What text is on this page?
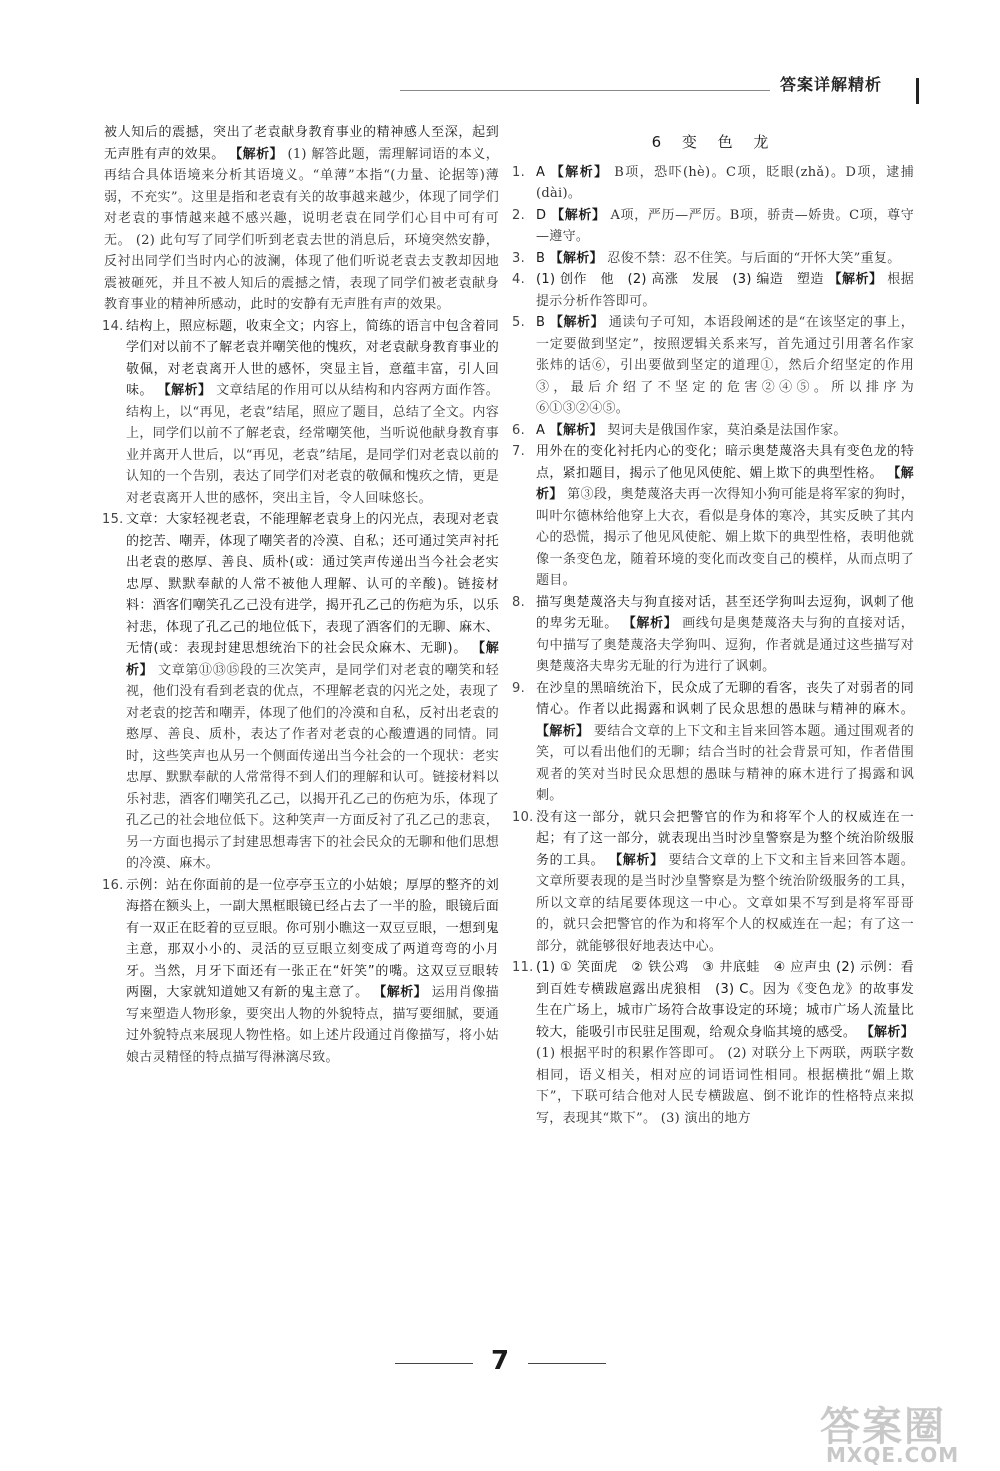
答案详解精析

被人知后的震撼，突出了老袁献身教育事业的精神感人至深，起到无声胜有声的效果。 【解析】 (1) 解答此题，需理解词语的本义，再结合具体语境来分析其语境义。“单薄”本指“(力量、论据等)薄弱，不充实”。这里是指和老袁有关的故事越来越少，体现了同学们对老袁的事情越来越不感兴趣，说明老袁在同学们心目中可有可无。 (2) 此句写了同学们听到老袁去世的消息后，环境突然安静，反衬出同学们当时内心的波澜，体现了他们听说老袁去支教却因地震被砸死，并且不被人知后的震撼之情，表现了同学们被老袁献身教育事业的精神所感动，此时的安静有无声胜有声的效果。

14. 结构上，照应标题，收束全文；内容上，简练的语言中包含着同学们对以前不了解老袁并嘲笑他的愧疚，对老袁献身教育事业的敬佩，对老袁离开人世的感怀，突显主旨，意蕴丰富，引人回味。 【解析】 文章结尾的作用可以从结构和内容两方面作答。结构上，以“再见，老袁”结尾，照应了题目，总结了全文。内容上，同学们以前不了解老袁，经常嘲笑他，当听说他献身教育事业并离开人世后，以“再见，老袁”结尾，是同学们对老袁以前的认知的一个告别，表达了同学们对老袁的敬佩和愧疚之情，更是对老袁离开人世的感怀，突出主旨，令人回味悠长。

15. 文章：大家轻视老袁，不能理解老袁身上的闪光点，表现对老袁的挖苦、嘲弄，体现了嘲笑者的冷漠、自私；还可通过笑声衬托出老袁的憨厚、善良、质朴(或：通过笑声传递出当今社会老实忠厚、默默奉献的人常不被他人理解、认可的辛酸)。链接材料：酒客们嘲笑孔乙己没有进学，揭开孔乙己的伤疤为乐，以乐衬悲，体现了孔乙己的地位低下，表现了酒客们的无聊、麻木、无情(或：表现封建思想统治下的社会民众麻木、无聊)。 【解析】 文章第⑪⑬⑮段的三次笑声，是同学们对老袁的嘲笑和轻视，他们没有看到老袁的优点，不理解老袁的闪光之处，表现了对老袁的挖苦和嘲弄，体现了他们的冷漠和自私，反衬出老袁的憨厚、善良、质朴，表达了作者对老袁的心酸遭遇的同情。同时，这些笑声也从另一个侧面传递出当今社会的一个现状：老实忠厚、默默奉献的人常常得不到人们的理解和认可。链接材料以乐衬悲，酒客们嘲笑孔乙己，以揭开孔乙己的伤疤为乐，体现了孔乙己的社会地位低下。这种笑声一方面反衬了孔乙己的悲哀，另一方面也揭示了封建思想毒害下的社会民众的无聊和他们思想的冷漠、麻木。

16. 示例：站在你面前的是一位亭亭玉立的小姑娘；厚厚的整齐的刘海搭在额头上，一副大黑框眼镜已经占去了一半的脸，眼镜后面有一双正在眨着的豆豆眼。你可别小瞧这一双豆豆眼，一想到鬼主意，那双小小的、灵活的豆豆眼立刻变成了两道弯弯的小月牙。当然，月牙下面还有一张正在“奸笑”的嘴。这双豆豆眼转两圈，大家就知道她又有新的鬼主意了。 【解析】 运用肖像描写来塑造人物形象，要突出人物的外貌特点，描写要细腻，要通过外貌特点来展现人物性格。如上述片段通过肖像描写，将小姑娘古灵精怪的特点描写得淋漓尽致。

6 变 色 龙

1. A 【解析】 B项，恐吓(hè)。C项，眨眼(zhǎ)。D项，逮捕(dài)。

2. D 【解析】 A项，严历—严厉。B项，骄责—娇贵。C项，尊守—遵守。

3. B 【解析】 忍俊不禁：忍不住笑。与后面的“开怀大笑”重复。

4. (1) 创作　他　(2) 高涨　发展　(3) 编造　塑造 【解析】 根据提示分析作答即可。

5. B 【解析】 通读句子可知，本语段阐述的是“在该坚定的事上，一定要做到坚定”，按照逻辑关系来写，首先通过引用著名作家张炜的话⑥，引出要做到坚定的道理①，然后介绍坚定的作用③，最后介绍了不坚定的危害②④⑤。所以排序为⑥①③②④⑤。

6. A 【解析】 契诃夫是俄国作家，莫泊桑是法国作家。

7. 用外在的变化衬托内心的变化；暗示奥楚蔑洛夫具有变色龙的特点，紧扣题目，揭示了他见风使舵、媚上欺下的典型性格。 【解析】 第③段，奥楚蔑洛夫再一次得知小狗可能是将军家的狗时，叫叶尔德林给他穿上大衣，看似是身体的寒冷，其实反映了其内心的恐慌，揭示了他见风使舵、媚上欺下的典型性格，表明他就像一条变色龙，随着环境的变化而改变自己的模样，从而点明了题目。

8. 描写奥楚蔑洛夫与狗直接对话，甚至还学狗叫去逗狗，讽刺了他的卑劣无耻。 【解析】 画线句是奥楚蔑洛夫与狗的直接对话，句中描写了奥楚蔑洛夫学狗叫、逗狗，作者就是通过这些描写对奥楚蔑洛夫卑劣无耻的行为进行了讽刺。

9. 在沙皇的黑暗统治下，民众成了无聊的看客，丧失了对弱者的同情心。作者以此揭露和讽刺了民众思想的愚昧与精神的麻木。 【解析】 要结合文章的上下文和主旨来回答本题。通过围观者的笑，可以看出他们的无聊；结合当时的社会背景可知，作者借围观者的笑对当时民众思想的愚昧与精神的麻木进行了揭露和讽刺。

10. 没有这一部分，就只会把警官的作为和将军个人的权威连在一起；有了这一部分，就表现出当时沙皇警察是为整个统治阶级服务的工具。 【解析】 要结合文章的上下文和主旨来回答本题。文章所要表现的是当时沙皇警察是为整个统治阶级服务的工具，所以文章的结尾要体现这一中心。文章如果不写到是将军哥哥的，就只会把警官的作为和将军个人的权威连在一起；有了这一部分，就能够很好地表达中心。

11. (1) ① 笑面虎　② 铁公鸡　③ 井底蛙　④ 应声虫 (2) 示例：看到百姓专横跋扈露出虎狼相　(3) C。因为《变色龙》的故事发生在广场上，城市广场符合故事设定的环境；城市广场人流量比较大，能吸引市民驻足围观，给观众身临其境的感受。 【解析】 (1) 根据平时的积累作答即可。 (2) 对联分上下两联，两联字数相同，语义相关，相对应的词语词性相同。根据横批“媚上欺下”，下联可结合他对人民专横跋扈、倒不讹诈的性格特点来拟写，表现其“欺下”。 (3) 演出的地方

7
答案圈
MXQE.COM
